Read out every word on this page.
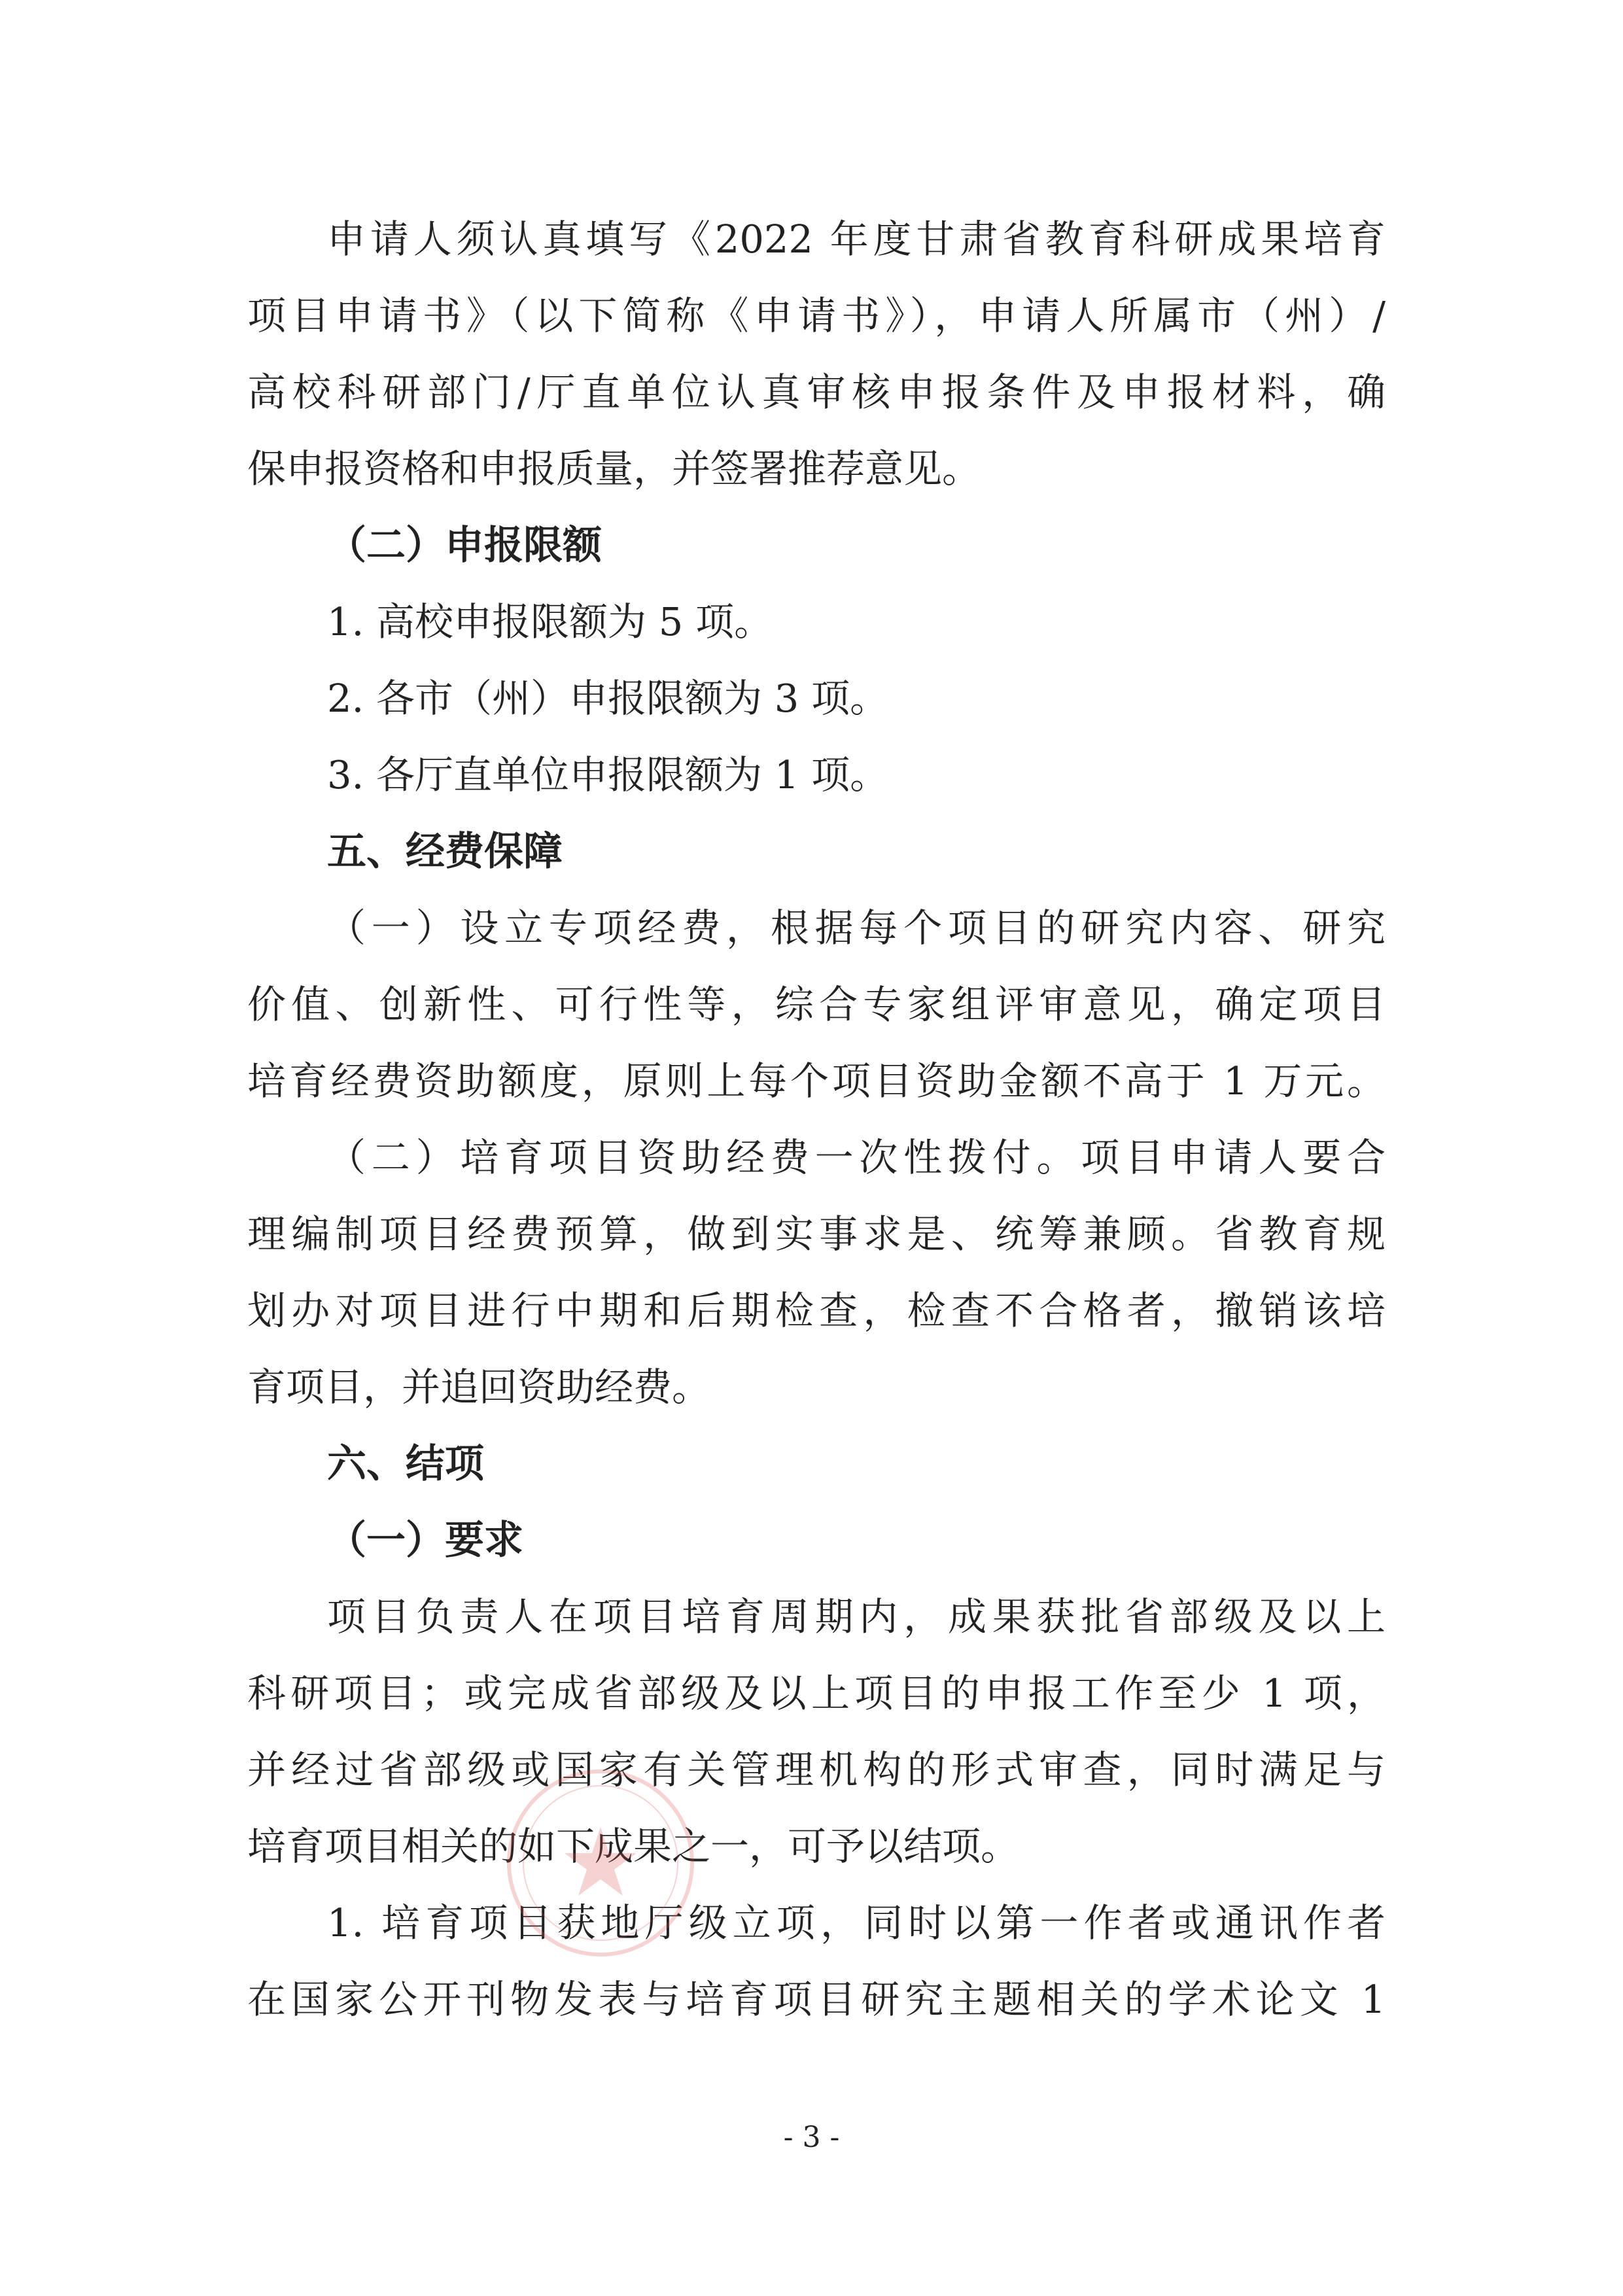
申请人须认真填写《2022 年度甘肃省教育科研成果培育
项目申请书》（以下简称《申请书》），申请人所属市（州）/
高校科研部门/厅直单位认真审核申报条件及申报材料，确
保申报资格和申报质量，并签署推荐意见。
（二）申报限额
1. 高校申报限额为 5 项。
2. 各市（州）申报限额为 3 项。
3. 各厅直单位申报限额为 1 项。
五、经费保障
（一）设立专项经费，根据每个项目的研究内容、研究
价值、创新性、可行性等，综合专家组评审意见，确定项目
培育经费资助额度，原则上每个项目资助金额不高于 1 万元。
（二）培育项目资助经费一次性拨付。项目申请人要合
理编制项目经费预算，做到实事求是、统筹兼顾。省教育规
划办对项目进行中期和后期检查，检查不合格者，撤销该培
育项目，并追回资助经费。
六、结项
（一）要求
项目负责人在项目培育周期内，成果获批省部级及以上
科研项目；或完成省部级及以上项目的申报工作至少 1 项，
并经过省部级或国家有关管理机构的形式审查，同时满足与
培育项目相关的如下成果之一，可予以结项。
1. 培育项目获地厅级立项，同时以第一作者或通讯作者
在国家公开刊物发表与培育项目研究主题相关的学术论文 1
- 3 -
